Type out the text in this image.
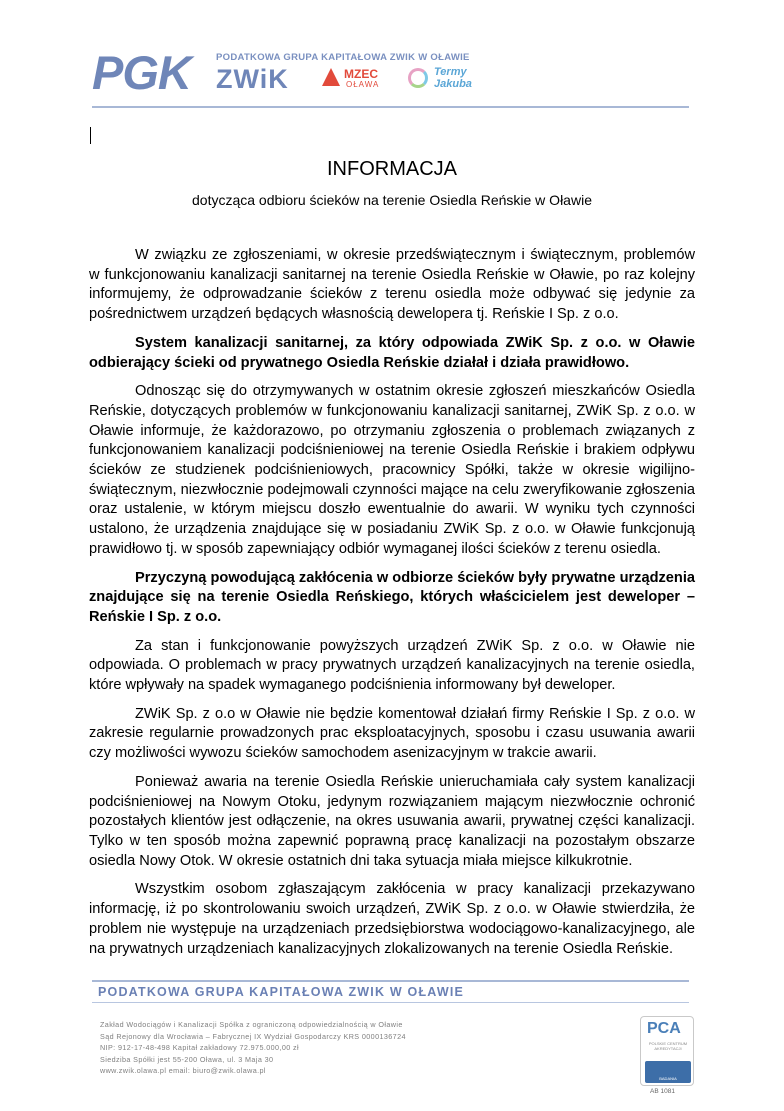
PGK	PODATKOWA GRUPA KAPITAŁOWA ZWIK W OŁAWIE
ZWiK	MZEC
OŁAWA
Termy
Jakuba
INFORMACJA
dotycząca odbioru ścieków na terenie Osiedla Reńskie w Oławie

W związku ze zgłoszeniami, w okresie przedświątecznym i świątecznym, problemów w funkcjonowaniu kanalizacji sanitarnej na terenie Osiedla Reńskie w Oławie, po raz kolejny informujemy, że odprowadzanie ścieków z terenu osiedla może odbywać się jedynie za pośrednictwem urządzeń będących własnością dewelopera tj. Reńskie I Sp. z o.o.

System kanalizacji sanitarnej, za który odpowiada ZWiK Sp. z o.o. w Oławie odbierający ścieki od prywatnego Osiedla Reńskie działał i działa prawidłowo.

Odnosząc się do otrzymywanych w ostatnim okresie zgłoszeń mieszkańców Osiedla Reńskie, dotyczących problemów w funkcjonowaniu kanalizacji sanitarnej, ZWiK Sp. z o.o. w Oławie informuje, że każdorazowo, po otrzymaniu zgłoszenia o problemach związanych z funkcjonowaniem kanalizacji podciśnieniowej na terenie Osiedla Reńskie i brakiem odpływu ścieków ze studzienek podciśnieniowych, pracownicy Spółki, także w okresie wigilijno-świątecznym, niezwłocznie podejmowali czynności mające na celu zweryfikowanie zgłoszenia oraz ustalenie, w którym miejscu doszło ewentualnie do awarii. W wyniku tych czynności ustalono, że urządzenia znajdujące się w posiadaniu ZWiK Sp. z o.o. w Oławie funkcjonują prawidłowo tj. w sposób zapewniający odbiór wymaganej ilości ścieków z terenu osiedla.

Przyczyną powodującą zakłócenia w odbiorze ścieków były prywatne urządzenia znajdujące się na terenie Osiedla Reńskiego, których właścicielem jest deweloper – Reńskie I Sp. z o.o.

Za stan i funkcjonowanie powyższych urządzeń ZWiK Sp. z o.o. w Oławie nie odpowiada. O problemach w pracy prywatnych urządzeń kanalizacyjnych na terenie osiedla, które wpływały na spadek wymaganego podciśnienia informowany był deweloper.

ZWiK Sp. z o.o w Oławie nie będzie komentował działań firmy Reńskie I Sp. z o.o. w zakresie regularnie prowadzonych prac eksploatacyjnych, sposobu i czasu usuwania awarii czy możliwości wywozu ścieków samochodem asenizacyjnym w trakcie awarii.

Ponieważ awaria na terenie Osiedla Reńskie unieruchamiała cały system kanalizacji podciśnieniowej na Nowym Otoku, jedynym rozwiązaniem mającym niezwłocznie ochronić pozostałych klientów jest odłączenie, na okres usuwania awarii, prywatnej części kanalizacji. Tylko w ten sposób można zapewnić poprawną pracę kanalizacji na pozostałym obszarze osiedla Nowy Otok. W okresie ostatnich dni taka sytuacja miała miejsce kilkukrotnie.

Wszystkim osobom zgłaszającym zakłócenia w pracy kanalizacji przekazywano informację, iż po skontrolowaniu swoich urządzeń, ZWiK Sp. z o.o. w Oławie stwierdziła, że problem nie występuje na urządzeniach przedsiębiorstwa wodociągowo-kanalizacyjnego, ale na prywatnych urządzeniach kanalizacyjnych zlokalizowanych na terenie Osiedla Reńskie.

PODATKOWA GRUPA KAPITAŁOWA ZWIK W OŁAWIE
Zakład Wodociągów i Kanalizacji Spółka z ograniczoną odpowiedzialnością w Oławie
Sąd Rejonowy dla Wrocławia – Fabrycznej IX Wydział Gospodarczy KRS 0000136724
NIP: 912-17-48-498 Kapitał zakładowy 72.975.000,00 zł
Siedziba Spółki jest 55-200 Oława, ul. 3 Maja 30
www.zwik.olawa.pl email: biuro@zwik.olawa.pl
PCA
POLSKIE CENTRUM AKREDYTACJI
BADANIA
AB 1081
